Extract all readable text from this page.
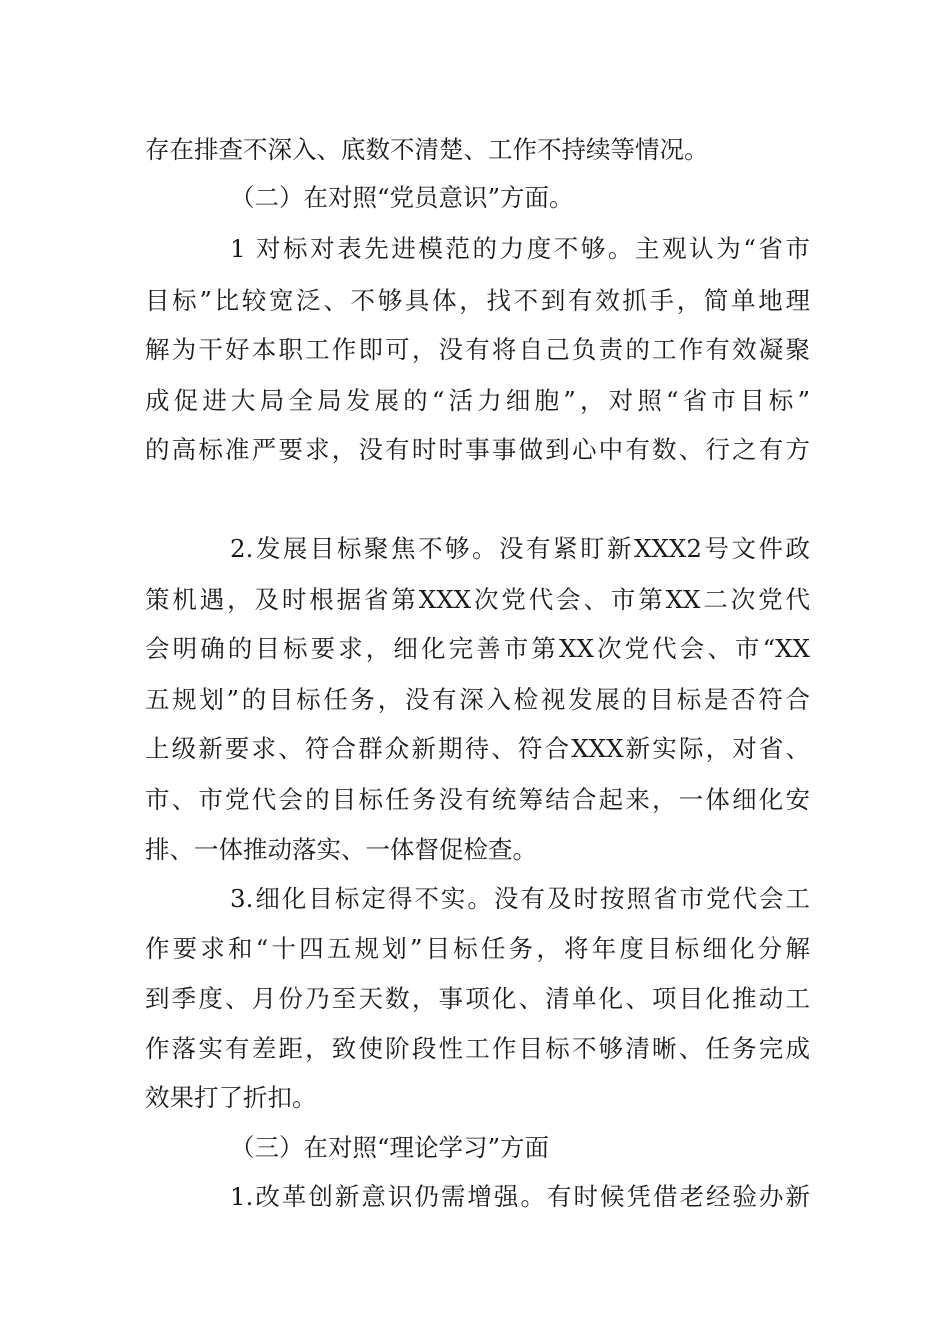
存在排查不深入、底数不清楚、工作不持续等情况。
（二）在对照“党员意识”方面。
1 对标对表先进模范的力度不够。主观认为“省市
目标”比较宽泛、不够具体，找不到有效抓手，简单地理
解为干好本职工作即可，没有将自己负责的工作有效凝聚
成促进大局全局发展的“活力细胞”，对照“省市目标”
的高标准严要求，没有时时事事做到心中有数、行之有方
2.发展目标聚焦不够。没有紧盯新XXX2号文件政
策机遇，及时根据省第XXX次党代会、市第XX二次党代
会明确的目标要求，细化完善市第XX次党代会、市“XX
五规划”的目标任务，没有深入检视发展的目标是否符合
上级新要求、符合群众新期待、符合XXX新实际，对省、
市、市党代会的目标任务没有统筹结合起来，一体细化安
排、一体推动落实、一体督促检查。
3.细化目标定得不实。没有及时按照省市党代会工
作要求和“十四五规划”目标任务，将年度目标细化分解
到季度、月份乃至天数，事项化、清单化、项目化推动工
作落实有差距，致使阶段性工作目标不够清晰、任务完成
效果打了折扣。
（三）在对照“理论学习”方面
1.改革创新意识仍需增强。有时候凭借老经验办新
